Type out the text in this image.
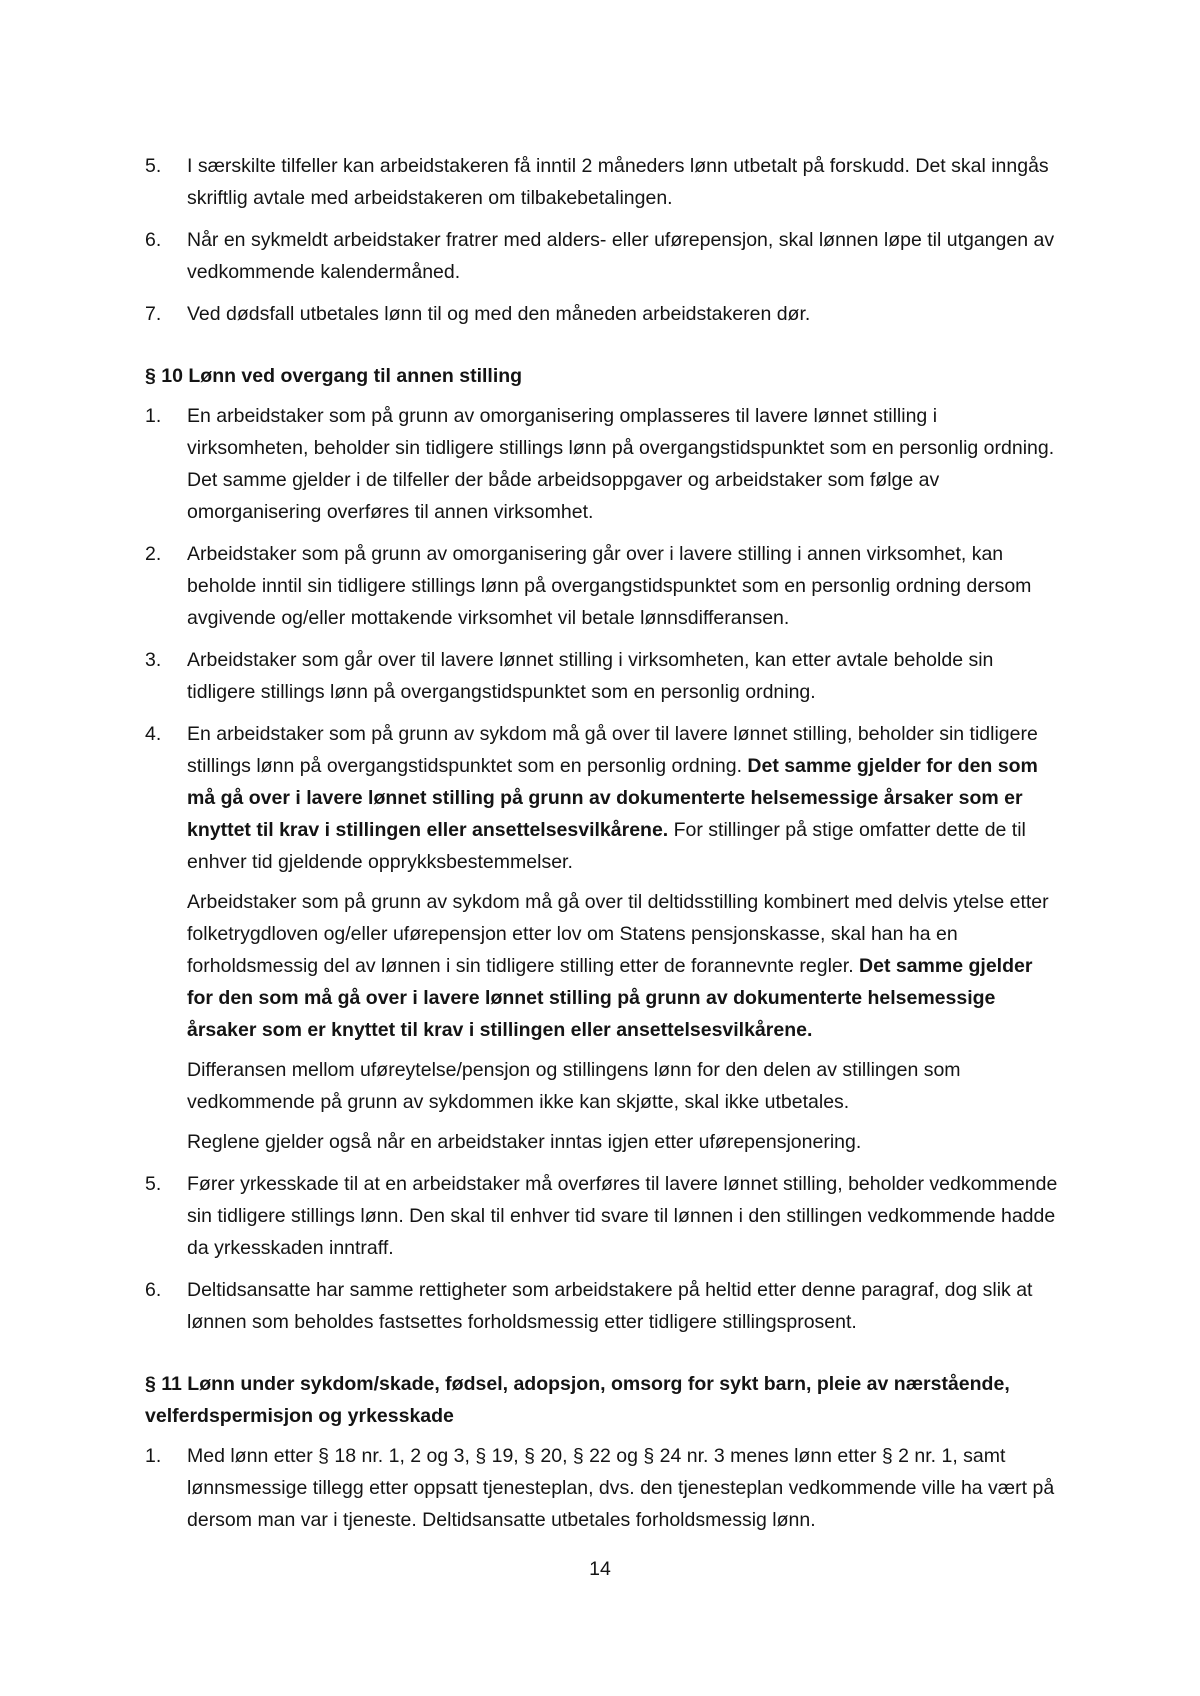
5.	I særskilte tilfeller kan arbeidstakeren få inntil 2 måneders lønn utbetalt på forskudd. Det skal inngås skriftlig avtale med arbeidstakeren om tilbakebetalingen.

6.	Når en sykmeldt arbeidstaker fratrer med alders- eller uførepensjon, skal lønnen løpe til utgangen av vedkommende kalendermåned.

7.	Ved dødsfall utbetales lønn til og med den måneden arbeidstakeren dør.

§ 10 Lønn ved overgang til annen stilling
1.	En arbeidstaker som på grunn av omorganisering omplasseres til lavere lønnet stilling i virksomheten, beholder sin tidligere stillings lønn på overgangstidspunktet som en personlig ordning. Det samme gjelder i de tilfeller der både arbeidsoppgaver og arbeidstaker som følge av omorganisering overføres til annen virksomhet.

2.	Arbeidstaker som på grunn av omorganisering går over i lavere stilling i annen virksomhet, kan beholde inntil sin tidligere stillings lønn på overgangstidspunktet som en personlig ordning dersom avgivende og/eller mottakende virksomhet vil betale lønnsdifferansen.

3.	Arbeidstaker som går over til lavere lønnet stilling i virksomheten, kan etter avtale beholde sin tidligere stillings lønn på overgangstidspunktet som en personlig ordning.

4.	En arbeidstaker som på grunn av sykdom må gå over til lavere lønnet stilling, beholder sin tidligere stillings lønn på overgangstidspunktet som en personlig ordning. Det samme gjelder for den som må gå over i lavere lønnet stilling på grunn av dokumenterte helsemessige årsaker som er knyttet til krav i stillingen eller ansettelsesvilkårene. For stillinger på stige omfatter dette de til enhver tid gjeldende opprykksbestemmelser.

Arbeidstaker som på grunn av sykdom må gå over til deltidsstilling kombinert med delvis ytelse etter folketrygdloven og/eller uførepensjon etter lov om Statens pensjonskasse, skal han ha en forholdsmessig del av lønnen i sin tidligere stilling etter de forannevnte regler. Det samme gjelder for den som må gå over i lavere lønnet stilling på grunn av dokumenterte helsemessige årsaker som er knyttet til krav i stillingen eller ansettelsesvilkårene.

Differansen mellom uføreytelse/pensjon og stillingens lønn for den delen av stillingen som vedkommende på grunn av sykdommen ikke kan skjøtte, skal ikke utbetales.

Reglene gjelder også når en arbeidstaker inntas igjen etter uførepensjonering.

5.	Fører yrkesskade til at en arbeidstaker må overføres til lavere lønnet stilling, beholder vedkommende sin tidligere stillings lønn. Den skal til enhver tid svare til lønnen i den stillingen vedkommende hadde da yrkesskaden inntraff.

6.	Deltidsansatte har samme rettigheter som arbeidstakere på heltid etter denne paragraf, dog slik at lønnen som beholdes fastsettes forholdsmessig etter tidligere stillingsprosent.

§ 11 Lønn under sykdom/skade, fødsel, adopsjon, omsorg for sykt barn, pleie av nærstående, velferdspermisjon og yrkesskade
1.	Med lønn etter § 18 nr. 1, 2 og 3, § 19, § 20, § 22 og § 24 nr. 3 menes lønn etter § 2 nr. 1, samt lønnsmessige tillegg etter oppsatt tjenesteplan, dvs. den tjenesteplan vedkommende ville ha vært på dersom man var i tjeneste. Deltidsansatte utbetales forholdsmessig lønn.

14
